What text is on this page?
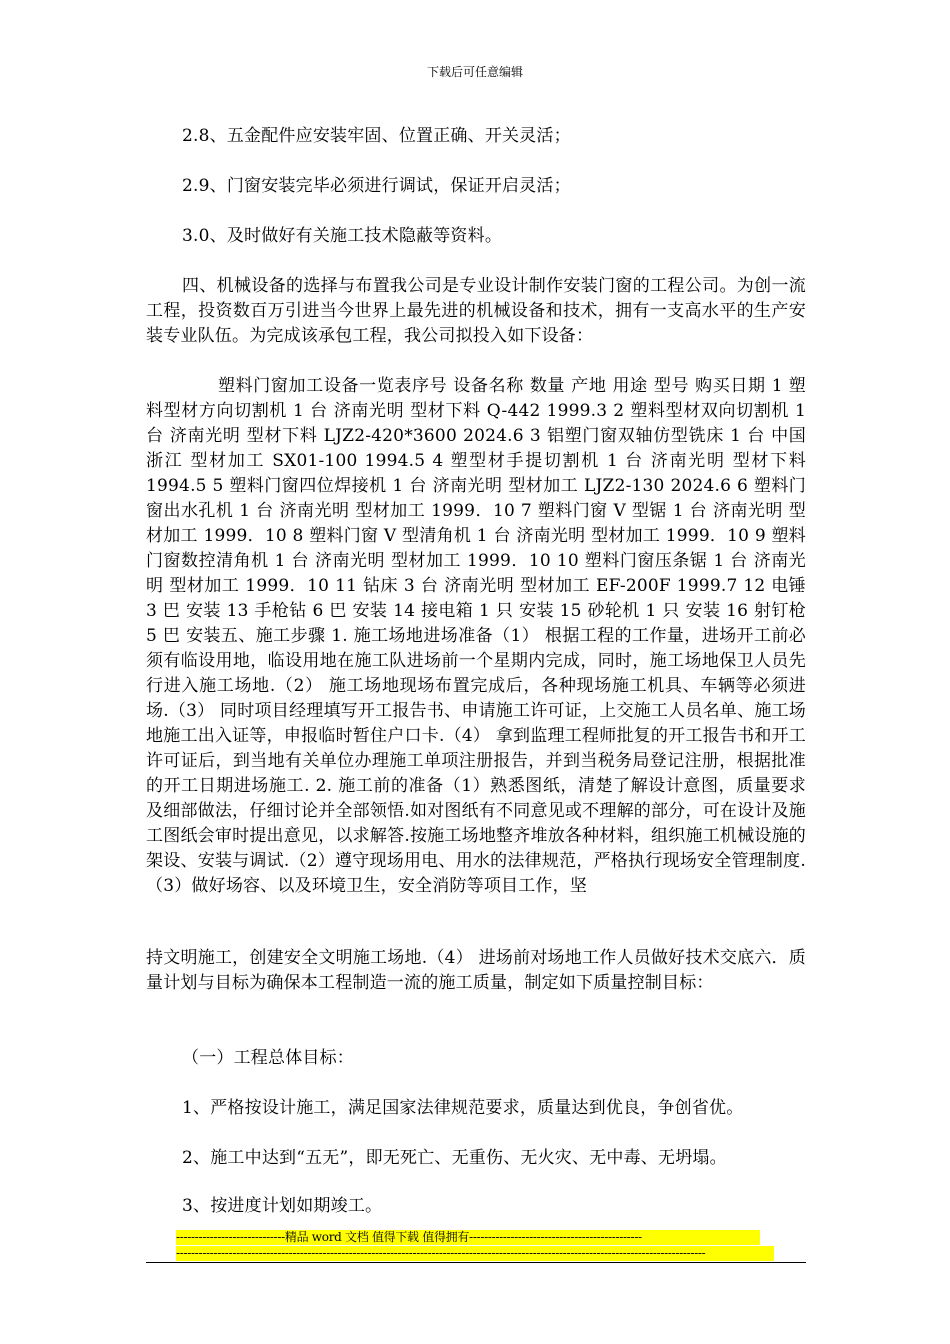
下载后可任意编辑

2.8、五金配件应安装牢固、位置正确、开关灵活；

2.9、门窗安装完毕必须进行调试，保证开启灵活；

3.0、及时做好有关施工技术隐蔽等资料。

四、机械设备的选择与布置我公司是专业设计制作安装门窗的工程公司。为创一流工程，投资数百万引进当今世界上最先进的机械设备和技术，拥有一支高水平的生产安装专业队伍。为完成该承包工程，我公司拟投入如下设备：

塑料门窗加工设备一览表序号 设备名称 数量 产地 用途 型号 购买日期 1 塑料型材方向切割机 1 台 济南光明 型材下料 Q-442 1999.3 2 塑料型材双向切割机 1 台 济南光明 型材下料 LJZ2-420*3600 2024.6 3 铝塑门窗双轴仿型铣床 1 台 中国浙江 型材加工 SX01-100 1994.5 4 塑型材手提切割机 1 台 济南光明 型材下料 1994.5 5 塑料门窗四位焊接机 1 台 济南光明 型材加工 LJZ2-130 2024.6 6 塑料门窗出水孔机 1 台 济南光明 型材加工 1999．10 7 塑料门窗 V 型锯 1 台 济南光明 型材加工 1999．10 8 塑料门窗 V 型清角机 1 台 济南光明 型材加工 1999．10 9 塑料门窗数控清角机 1 台 济南光明 型材加工 1999．10 10 塑料门窗压条锯 1 台 济南光明 型材加工 1999．10 11 钻床 3 台 济南光明 型材加工 EF-200F 1999.7 12 电锤 3 巴 安装 13 手枪钻 6 巴 安装 14 接电箱 1 只 安装 15 砂轮机 1 只 安装 16 射钉枪 5 巴 安装五、施工步骤 1. 施工场地进场准备（1） 根据工程的工作量，进场开工前必须有临设用地，临设用地在施工队进场前一个星期内完成，同时，施工场地保卫人员先行进入施工场地.（2） 施工场地现场布置完成后，各种现场施工机具、车辆等必须进场.（3） 同时项目经理填写开工报告书、申请施工许可证，上交施工人员名单、施工场地施工出入证等，申报临时暂住户口卡.（4） 拿到监理工程师批复的开工报告书和开工许可证后，到当地有关单位办理施工单项注册报告，并到当税务局登记注册，根据批准的开工日期进场施工. 2. 施工前的准备（1）熟悉图纸，清楚了解设计意图，质量要求及细部做法，仔细讨论并全部领悟.如对图纸有不同意见或不理解的部分，可在设计及施工图纸会审时提出意见，以求解答.按施工场地整齐堆放各种材料，组织施工机械设施的架设、安装与调试.（2）遵守现场用电、用水的法律规范，严格执行现场安全管理制度.（3）做好场容、以及环境卫生，安全消防等项目工作，坚

持文明施工，创建安全文明施工场地.（4） 进场前对场地工作人员做好技术交底六．质量计划与目标为确保本工程制造一流的施工质量，制定如下质量控制目标：

（一）工程总体目标：

1、严格按设计施工，满足国家法律规范要求，质量达到优良，争创省优。

2、施工中达到“五无”，即无死亡、无重伤、无火灾、无中毒、无坍塌。

3、按进度计划如期竣工。

-----------------------------精品 word 文档 值得下载 值得拥有----------------------------------------------
---------------------------------------------------------------------------------------------------------------------------------------------
